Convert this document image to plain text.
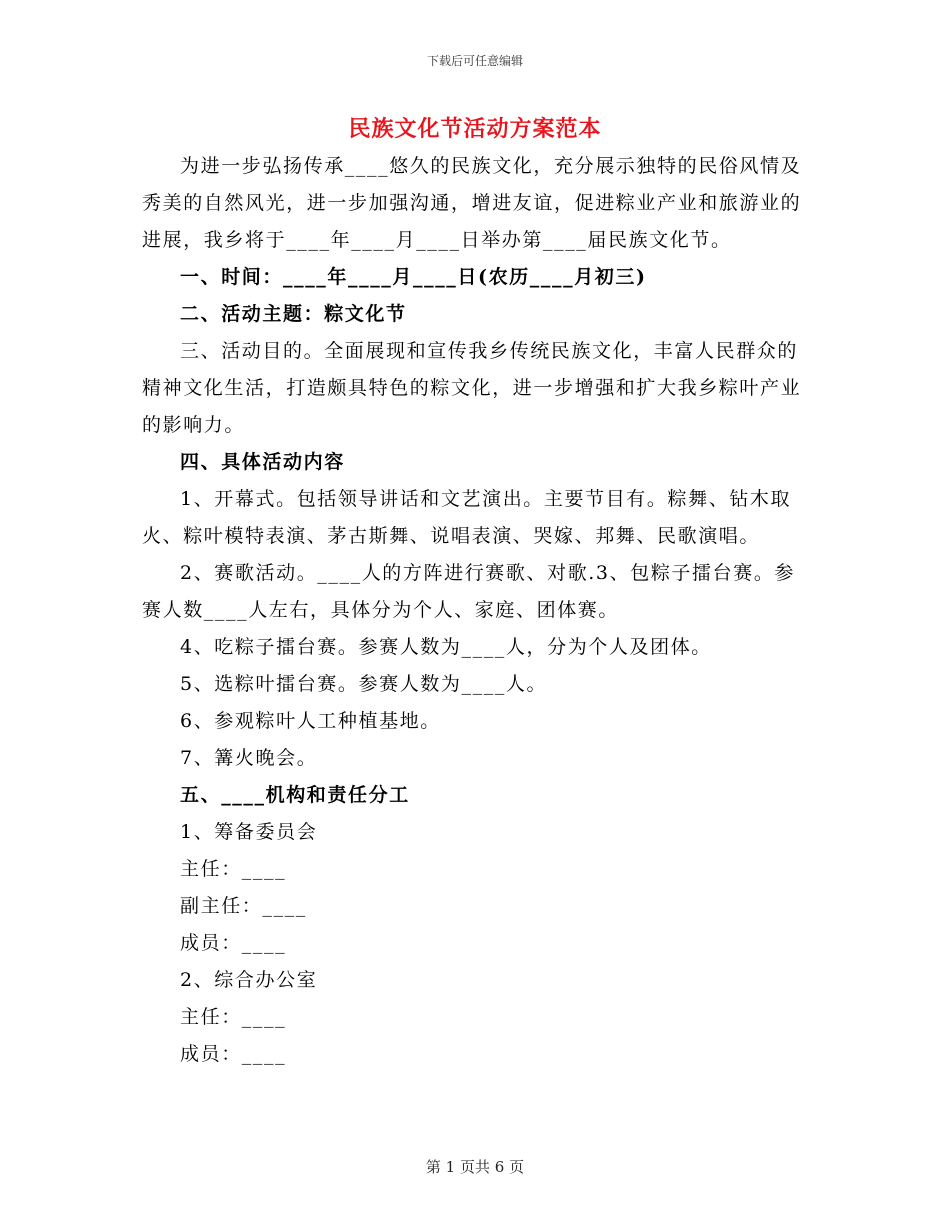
下载后可任意编辑
民族文化节活动方案范本

为进一步弘扬传承____悠久的民族文化，充分展示独特的民俗风情及秀美的自然风光，进一步加强沟通，增进友谊，促进粽业产业和旅游业的进展，我乡将于____年____月____日举办第____届民族文化节。

一、时间：____年____月____日(农历____月初三)

二、活动主题：粽文化节

三、活动目的。全面展现和宣传我乡传统民族文化，丰富人民群众的精神文化生活，打造颇具特色的粽文化，进一步增强和扩大我乡粽叶产业的影响力。

四、具体活动内容

1、开幕式。包括领导讲话和文艺演出。主要节目有。粽舞、钻木取火、粽叶模特表演、茅古斯舞、说唱表演、哭嫁、邦舞、民歌演唱。

2、赛歌活动。____人的方阵进行赛歌、对歌.3、包粽子擂台赛。参赛人数____人左右，具体分为个人、家庭、团体赛。

4、吃粽子擂台赛。参赛人数为____人，分为个人及团体。

5、选粽叶擂台赛。参赛人数为____人。

6、参观粽叶人工种植基地。

7、篝火晚会。

五、____机构和责任分工

1、筹备委员会

主任：____

副主任：____

成员：____

2、综合办公室

主任：____

成员：____

第 1 页共 6 页
